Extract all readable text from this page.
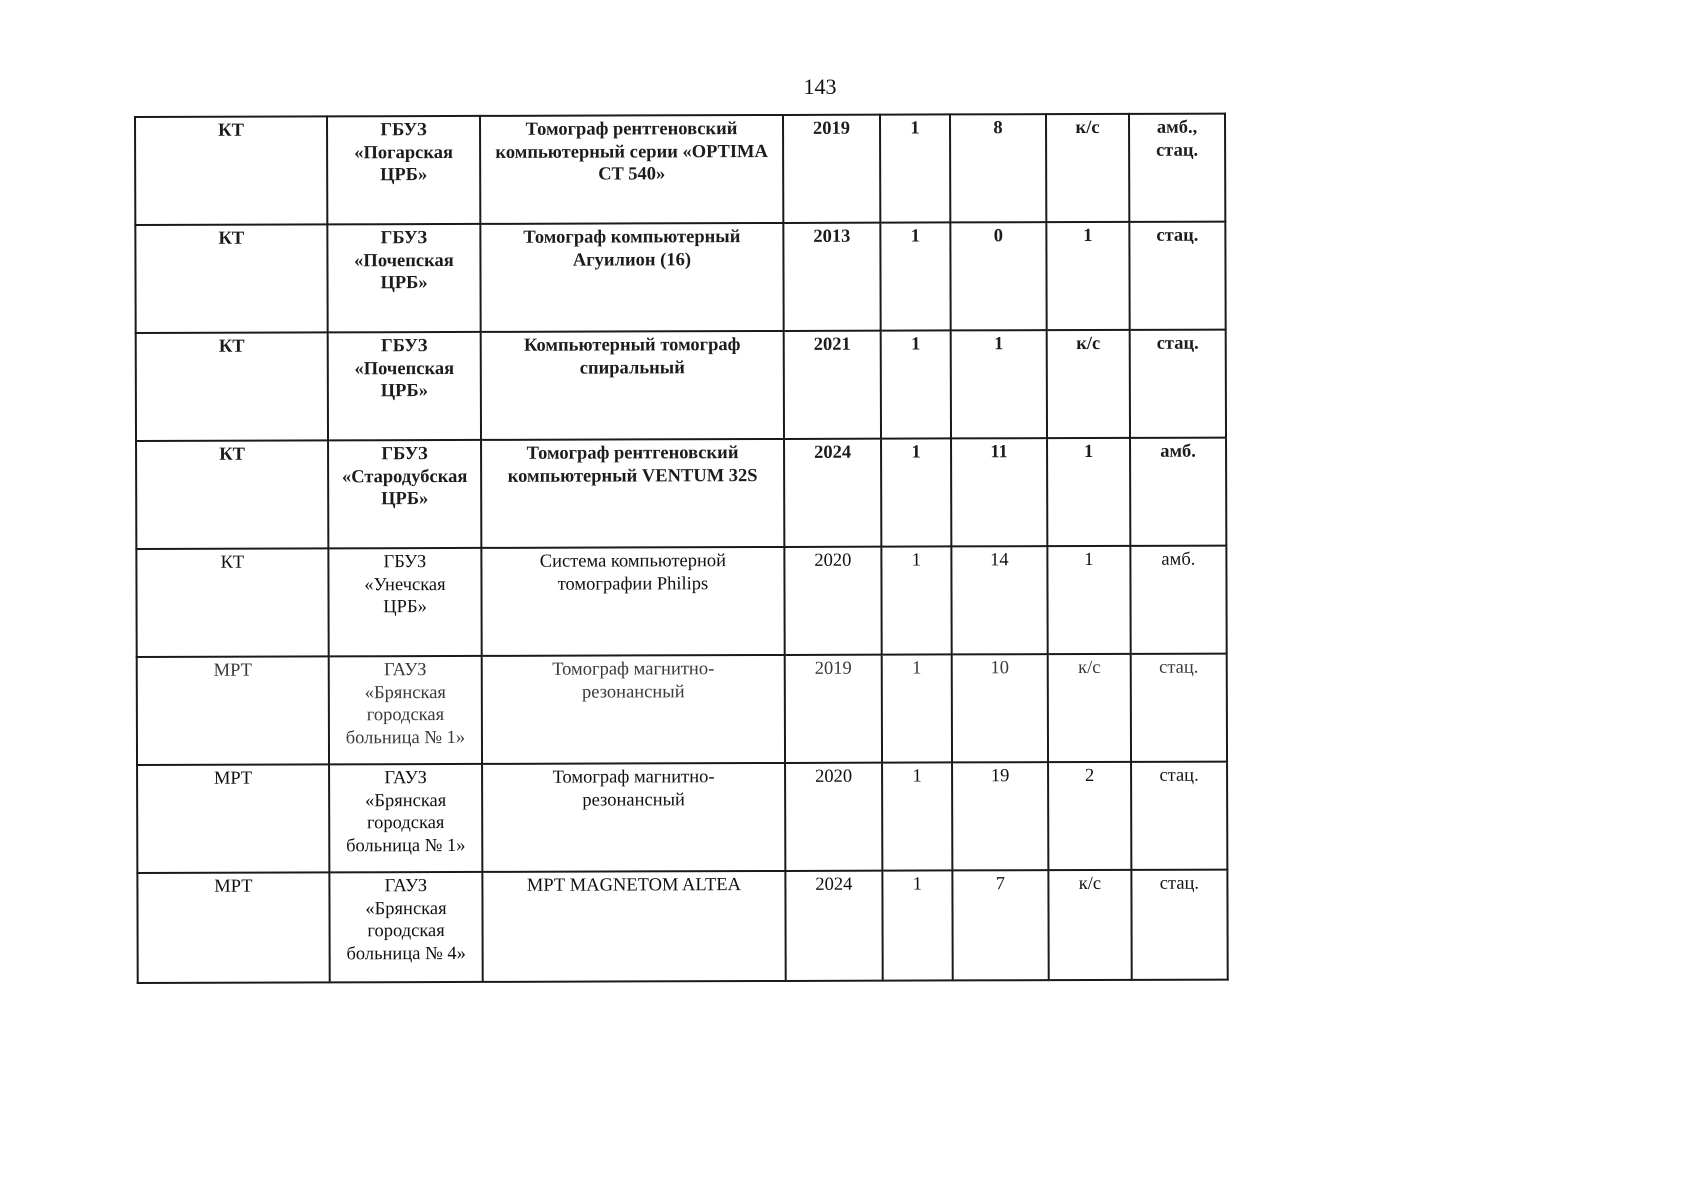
143
КТ	ГБУЗ
«Погарская
ЦРБ»	Томограф рентгеновский
компьютерный серии «OPTIMA
CT 540»	2019	1	8	к/с	амб.,
стац.
КТ	ГБУЗ
«Почепская
ЦРБ»	Томограф компьютерный
Агуилион (16)	2013	1	0	1	стац.
КТ	ГБУЗ
«Почепская
ЦРБ»	Компьютерный томограф
спиральный	2021	1	1	к/с	стац.
КТ	ГБУЗ
«Стародубская
ЦРБ»	Томограф рентгеновский
компьютерный VENTUM 32S	2024	1	11	1	амб.
КТ	ГБУЗ
«Унечская
ЦРБ»	Система компьютерной
томографии Philips	2020	1	14	1	амб.
МРТ	ГАУЗ
«Брянская
городская
больница № 1»	Томограф магнитно-
резонансный	2019	1	10	к/с	стац.
МРТ	ГАУЗ
«Брянская
городская
больница № 1»	Томограф магнитно-
резонансный	2020	1	19	2	стац.
МРТ	ГАУЗ
«Брянская
городская
больница № 4»	МРТ MAGNETOM ALTEA	2024	1	7	к/с	стац.
